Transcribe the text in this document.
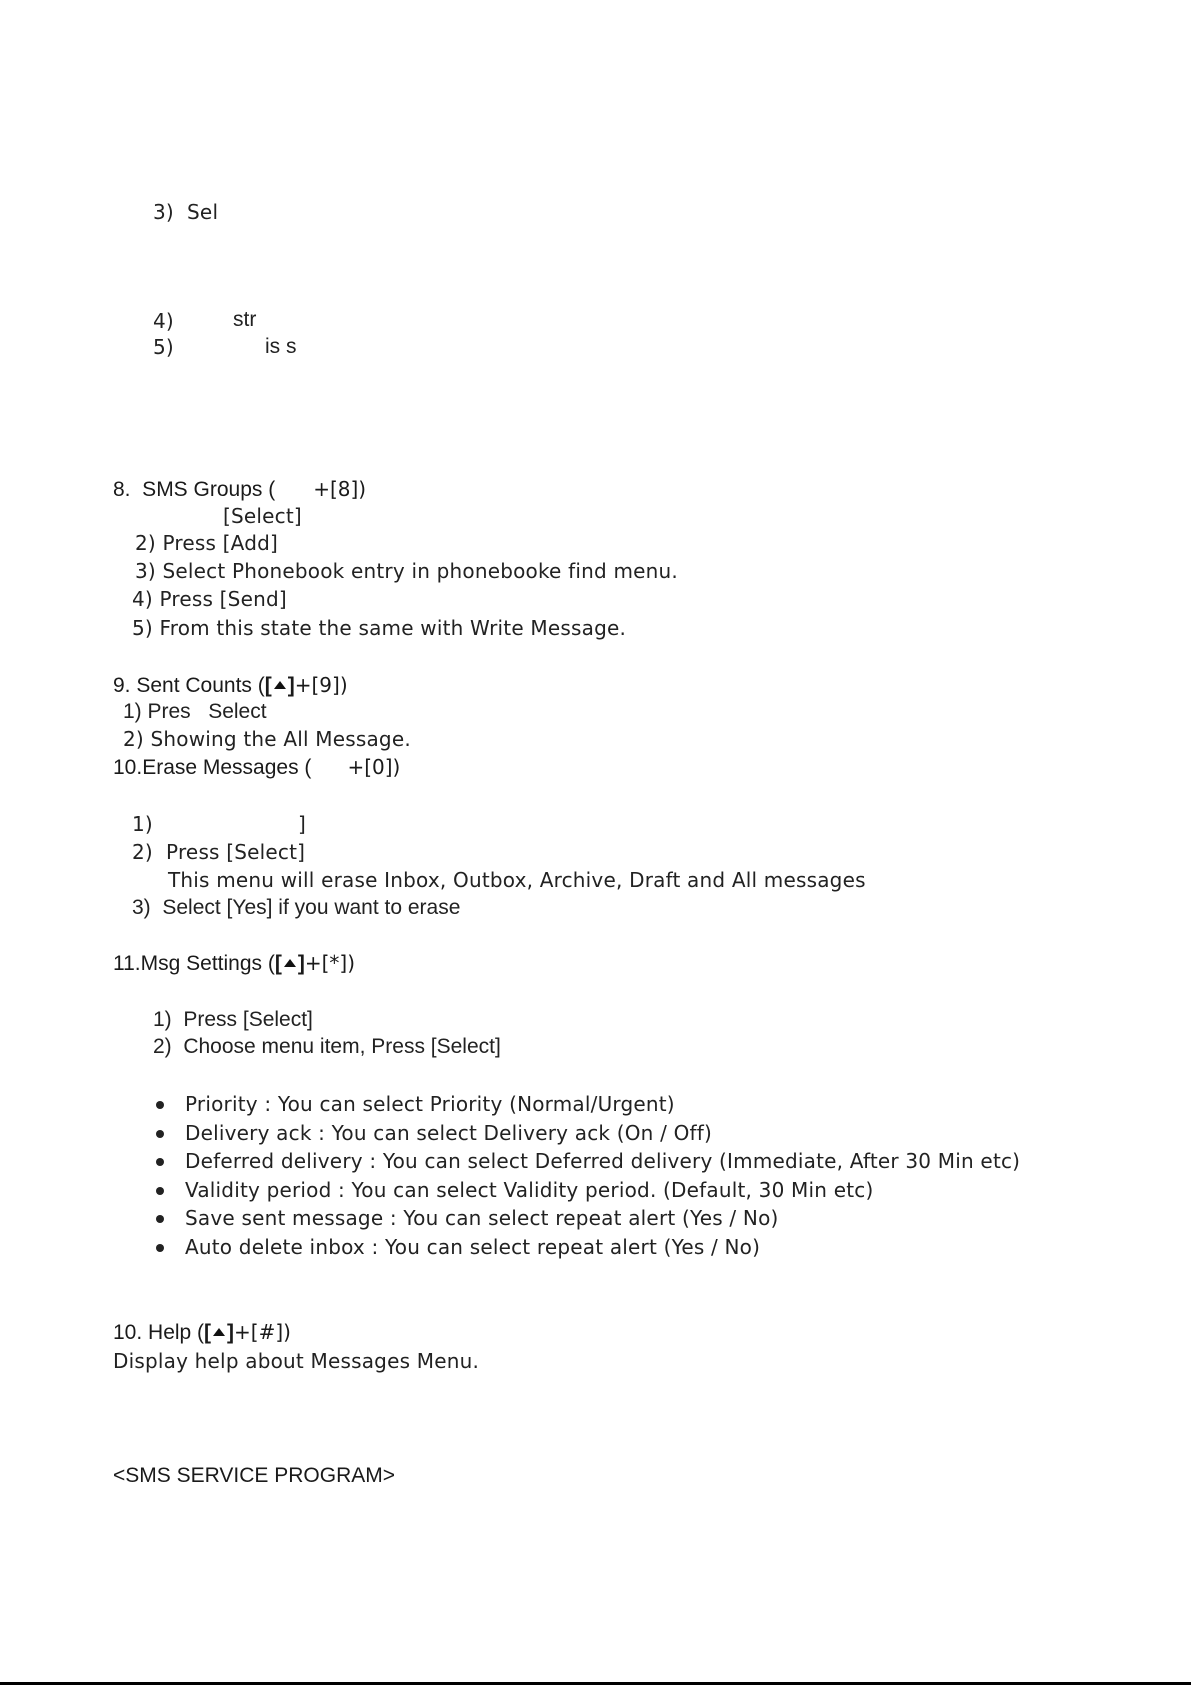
3)  Sel
4)	str
5)	is s
8.  SMS Groups ( +[8])
[Select]
2) Press [Add]
3) Select Phonebook entry in phonebooke find menu.
4) Press [Send]
5) From this state the same with Write Message.
9. Sent Counts ([ ]+[9])
1) Pres   Select
2) Showing the All Message.
10.Erase Messages ( +[0])
1)	]
2)  Press [Select]
This menu will erase Inbox, Outbox, Archive, Draft and All messages
3)  Select [Yes] if you want to erase
11.Msg Settings ([ ]+[*])
1)  Press [Select]
2)  Choose menu item, Press [Select]
Priority : You can select Priority (Normal/Urgent)
Delivery ack : You can select Delivery ack (On / Off)
Deferred delivery : You can select Deferred delivery (Immediate, After 30 Min etc)
Validity period : You can select Validity period. (Default, 30 Min etc)
Save sent message : You can select repeat alert (Yes / No)
Auto delete inbox : You can select repeat alert (Yes / No)
10. Help ([ ]+[#])
Display help about Messages Menu.
<SMS SERVICE PROGRAM>
